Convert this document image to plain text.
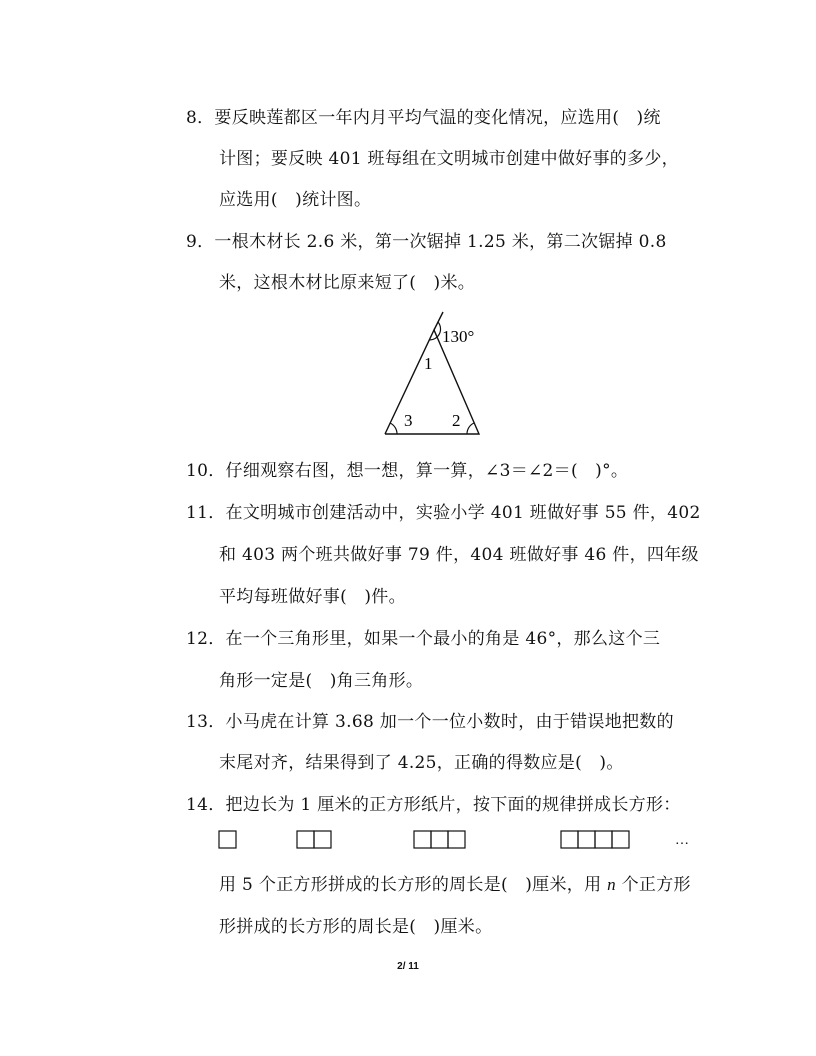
8．要反映莲都区一年内月平均气温的变化情况，应选用(　)统
计图；要反映 401 班每组在文明城市创建中做好事的多少，
应选用(　)统计图。
9．一根木材长 2.6 米，第一次锯掉 1.25 米，第二次锯掉 0.8
米，这根木材比原来短了(　)米。
130°
1
3 2
10．仔细观察右图，想一想，算一算，∠3＝∠2＝(　)°。
11．在文明城市创建活动中，实验小学 401 班做好事 55 件，402
和 403 两个班共做好事 79 件，404 班做好事 46 件，四年级
平均每班做好事(　)件。
12．在一个三角形里，如果一个最小的角是 46°，那么这个三
角形一定是(　)角三角形。
13．小马虎在计算 3.68 加一个一位小数时，由于错误地把数的
末尾对齐，结果得到了 4.25，正确的得数应是(　)。
14．把边长为 1 厘米的正方形纸片，按下面的规律拼成长方形：
…
用 5 个正方形拼成的长方形的周长是(　)厘米，用 n 个正方形
形拼成的长方形的周长是(　)厘米。
2/ 11
